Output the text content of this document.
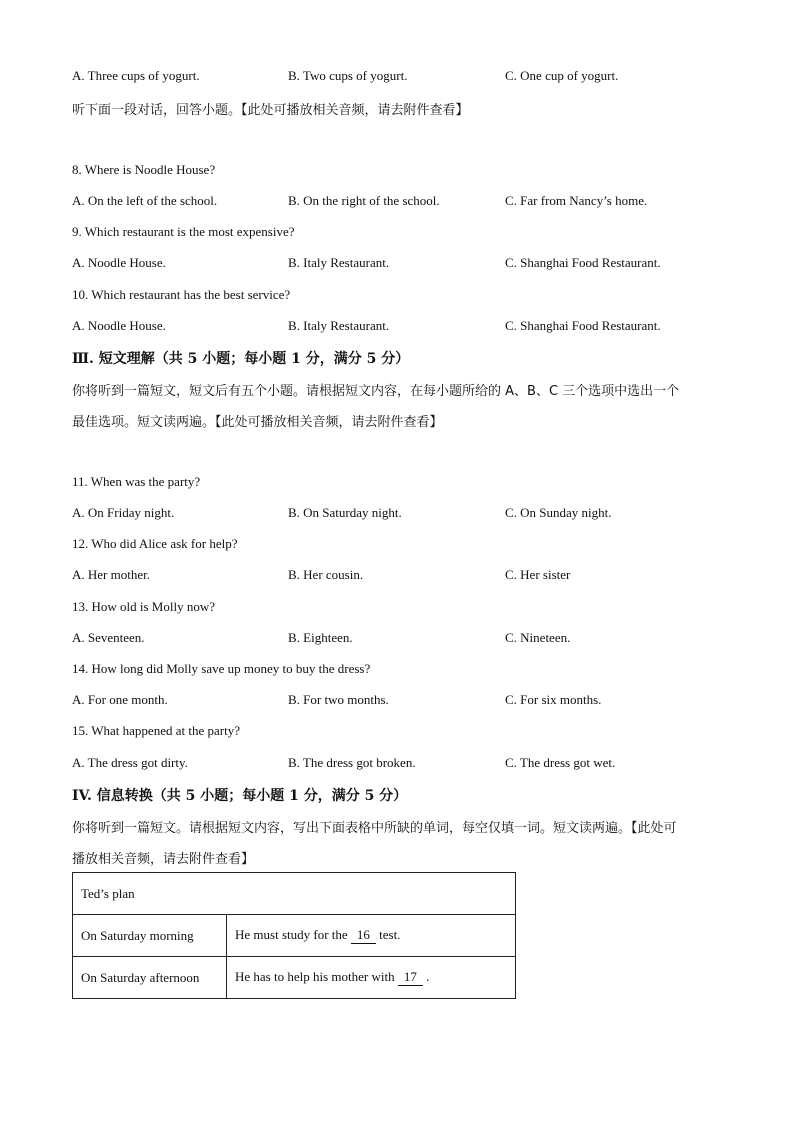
A. Three cups of yogurt.	B. Two cups of yogurt.	C. One cup of yogurt.
听下面一段对话，回答小题。【此处可播放相关音频，请去附件查看】
8. Where is Noodle House?
A. On the left of the school.	B. On the right of the school.	C. Far from Nancy’s home.
9. Which restaurant is the most expensive?
A. Noodle House.	B. Italy Restaurant.	C. Shanghai Food Restaurant.
10. Which restaurant has the best service?
A. Noodle House.	B. Italy Restaurant.	C. Shanghai Food Restaurant.
Ⅲ. 短文理解（共 5 小题；每小题 1 分，满分 5 分）
你将听到一篇短文，短文后有五个小题。请根据短文内容，在每小题所给的 A、B、C 三个选项中选出一个
最佳选项。短文读两遍。【此处可播放相关音频，请去附件查看】
11. When was the party?
A. On Friday night.	B. On Saturday night.	C. On Sunday night.
12. Who did Alice ask for help?
A. Her mother.	B. Her cousin.	C. Her sister
13. How old is Molly now?
A. Seventeen.	B. Eighteen.	C. Nineteen.
14. How long did Molly save up money to buy the dress?
A. For one month.	B. For two months.	C. For six months.
15. What happened at the party?
A. The dress got dirty.	B. The dress got broken.	C. The dress got wet.
IV. 信息转换（共 5 小题；每小题 1 分，满分 5 分）
你将听到一篇短文。请根据短文内容，写出下面表格中所缺的单词，每空仅填一词。短文读两遍。【此处可
播放相关音频，请去附件查看】
Ted’s plan	
On Saturday morning	He must study for the 16 test.
On Saturday afternoon	He has to help his mother with 17 .
